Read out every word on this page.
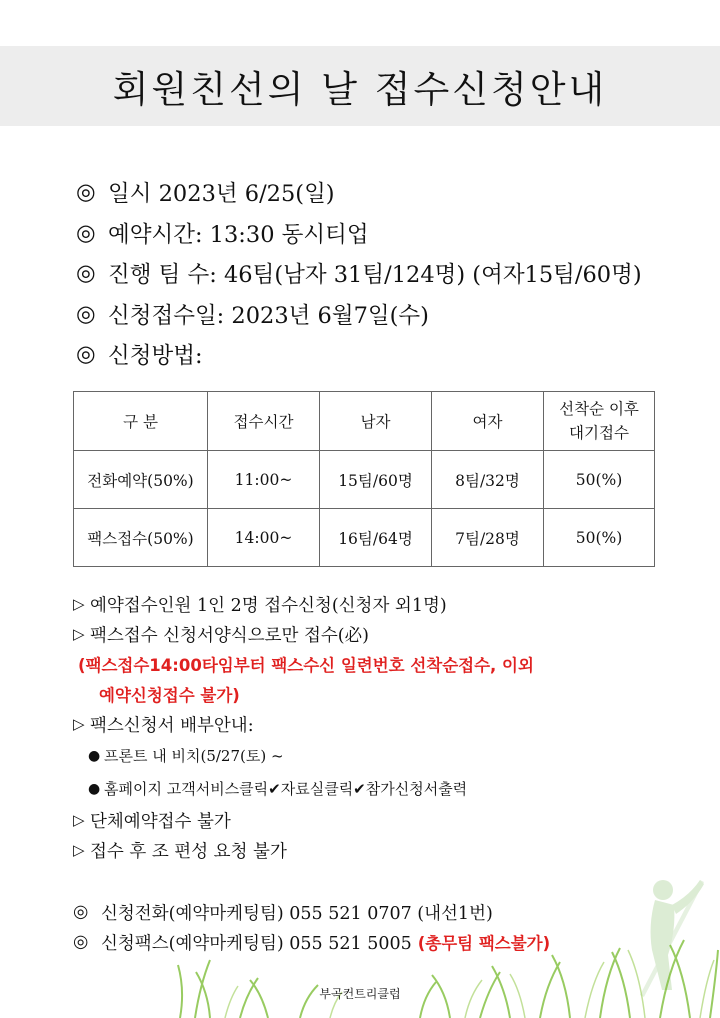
회원친선의 날 접수신청안내
◎ 일시 2023년 6/25(일)
◎ 예약시간: 13:30 동시티업
◎ 진행 팀 수: 46팀(남자 31팀/124명) (여자15팀/60명)
◎ 신청접수일: 2023년 6월7일(수)
◎ 신청방법:
구 분	접수시간	남자	여자	선착순 이후
대기접수

전화예약(50%)	11:00~	15팀/60명	8팀/32명	50(%)
팩스접수(50%)	14:00~	16팀/64명	7팀/28명	50(%)
▷ 예약접수인원 1인 2명 접수신청(신청자 외1명)
▷ 팩스접수 신청서양식으로만 접수(必)
(팩스접수14:00타임부터 팩스수신 일련번호 선착순접수, 이외
예약신청접수 불가)
▷ 팩스신청서 배부안내:
● 프론트 내 비치(5/27(토) ~
● 홈페이지 고객서비스클릭✔자료실클릭✔참가신청서출력
▷ 단체예약접수 불가
▷ 접수 후 조 편성 요청 불가
◎ 신청전화(예약마케팅팀) 055 521 0707 (내선1번)
◎ 신청팩스(예약마케팅팀) 055 521 5005 (총무팀 팩스불가)
부곡컨트리클럽
